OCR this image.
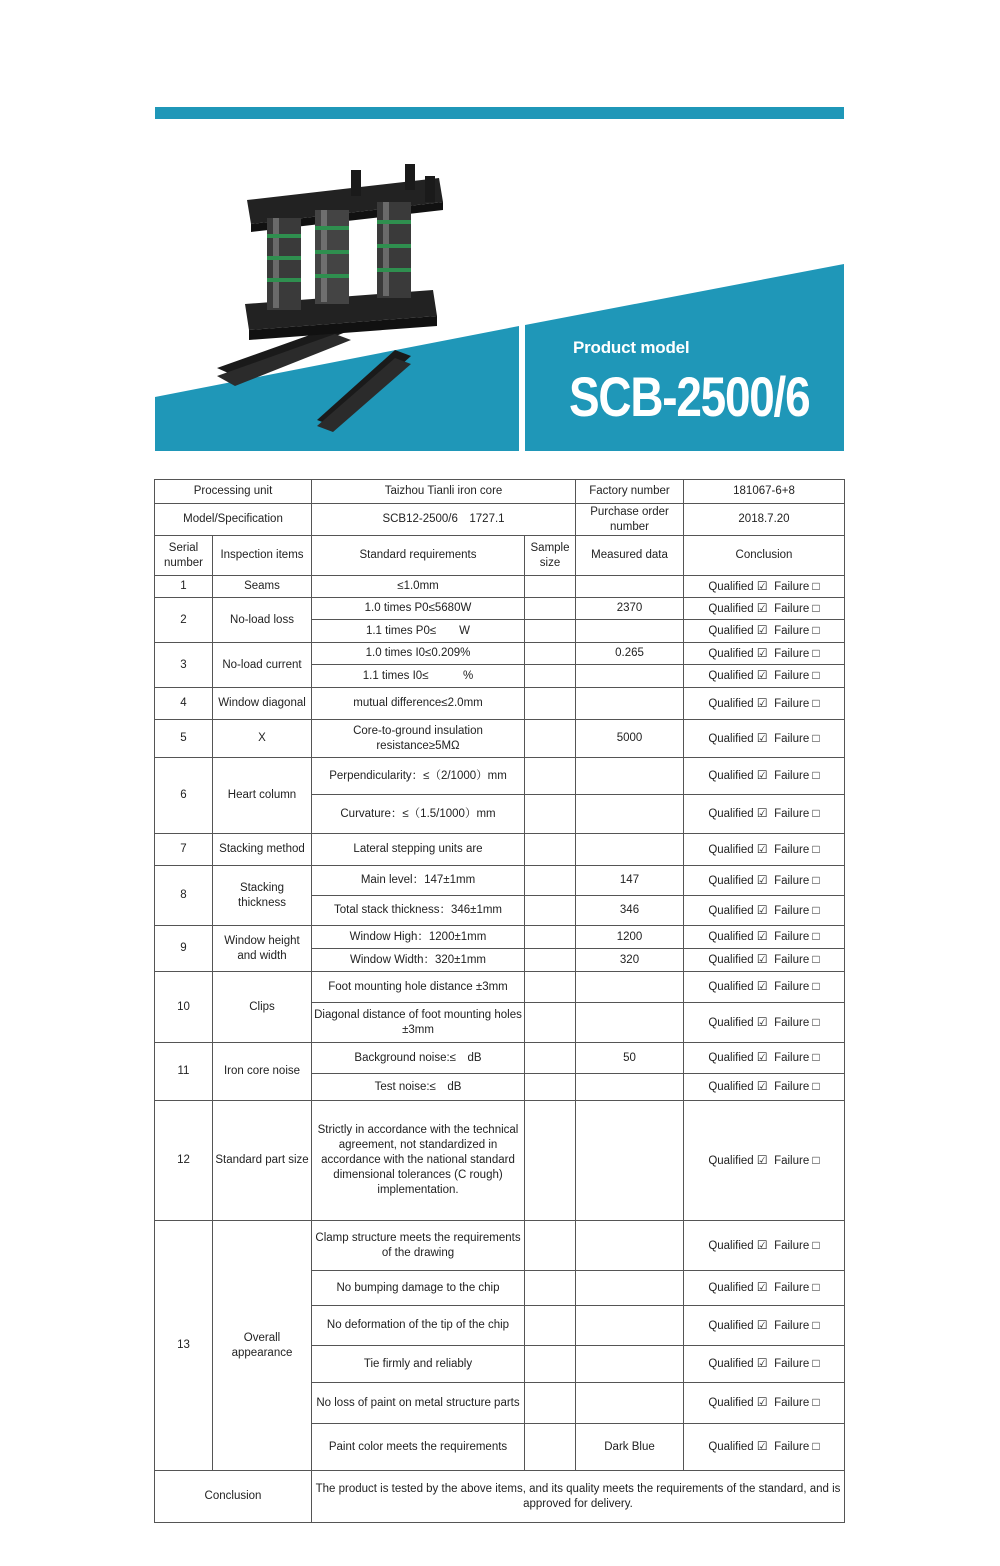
Product model
SCB-2500/6
Processing unit		Taizhou Tianli iron core		Factory number	181067-6+8
Model/Specification		SCB12-2500/6　1727.1		Purchase order number	2018.7.20
Serial number	Inspection items	Standard requirements	Sample size	Measured data	Conclusion
1	Seams	≤1.0mm			Qualified ☑ Failure □
2	No-load loss	1.0 times P0≤5680W		2370	Qualified ☑ Failure □
		1.1 times P0≤　　W			Qualified ☑ Failure □
3	No-load current	1.0 times I0≤0.209%		0.265	Qualified ☑ Failure □
		1.1 times I0≤　　　%			Qualified ☑ Failure □
4	Window diagonal	mutual difference≤2.0mm			Qualified ☑ Failure □
5	X	Core-to-ground insulation resistance≥5MΩ		5000	Qualified ☑ Failure □
6	Heart column	Perpendicularity：≤（2/1000）mm			Qualified ☑ Failure □
		Curvature：≤（1.5/1000）mm			Qualified ☑ Failure □
7	Stacking method	Lateral stepping units are			Qualified ☑ Failure □
8	Stacking thickness	Main level：147±1mm		147	Qualified ☑ Failure □
		Total stack thickness：346±1mm		346	Qualified ☑ Failure □
9	Window height and width	Window High：1200±1mm		1200	Qualified ☑ Failure □
		Window Width：320±1mm		320	Qualified ☑ Failure □
10	Clips	Foot mounting hole distance ±3mm			Qualified ☑ Failure □
		Diagonal distance of foot mounting holes ±3mm			Qualified ☑ Failure □
11	Iron core noise	Background noise:≤　dB		50	Qualified ☑ Failure □
		Test noise:≤　dB			Qualified ☑ Failure □
12	Standard part size	Strictly in accordance with the technical agreement, not standardized in accordance with the national standard dimensional tolerances (C rough) implementation.			Qualified ☑ Failure □
13	Overall appearance	Clamp structure meets the requirements of the drawing			Qualified ☑ Failure □
		No bumping damage to the chip			Qualified ☑ Failure □
		No deformation of the tip of the chip			Qualified ☑ Failure □
		Tie firmly and reliably			Qualified ☑ Failure □
		No loss of paint on metal structure parts			Qualified ☑ Failure □
		Paint color meets the requirements		Dark Blue	Qualified ☑ Failure □
Conclusion		The product is tested by the above items, and its quality meets the requirements of the standard, and is approved for delivery.			
